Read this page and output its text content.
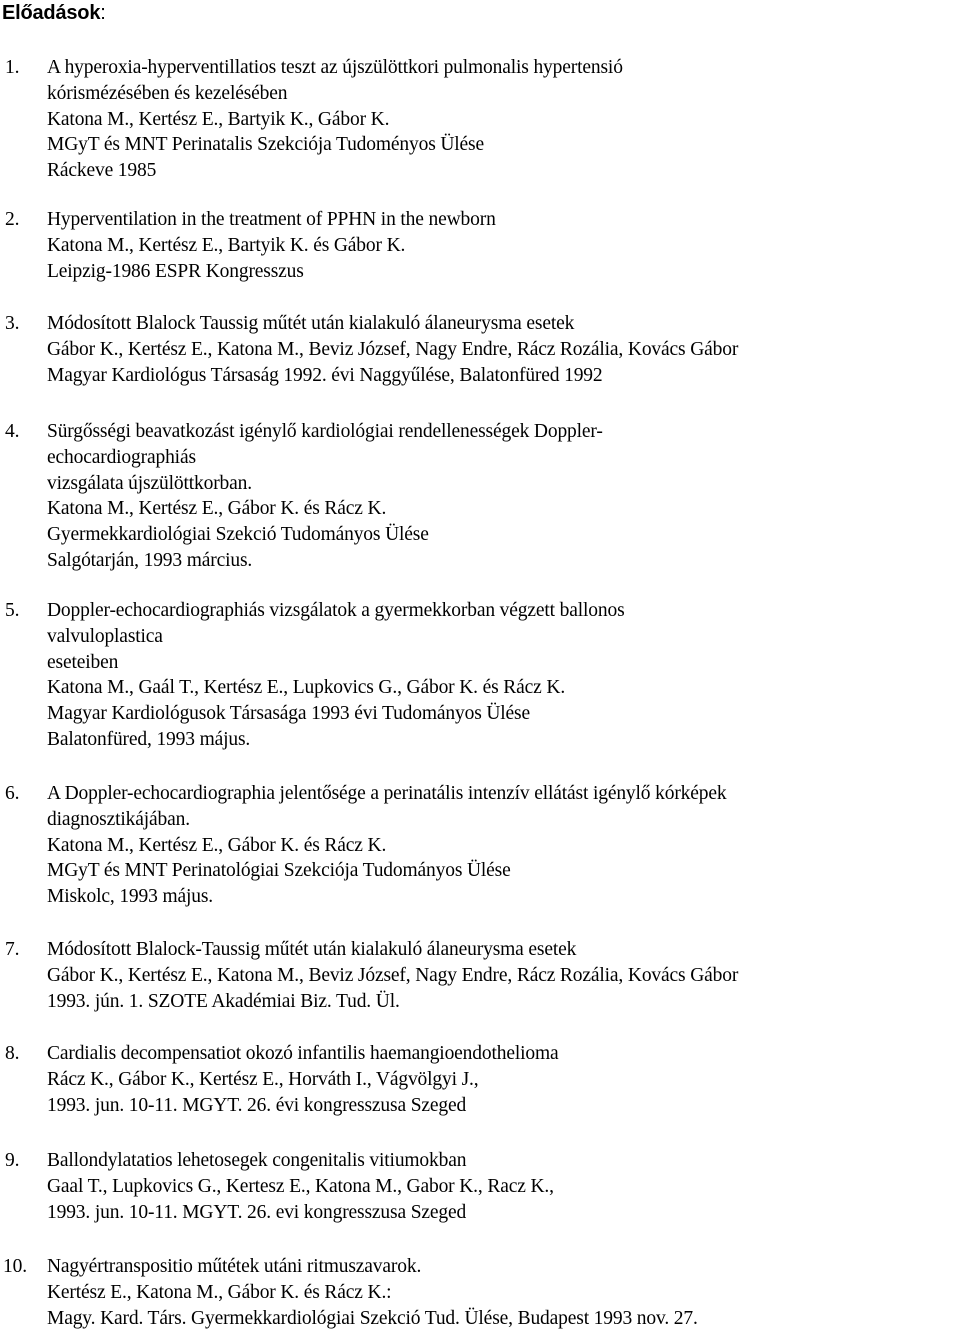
Előadások:
1. A hyperoxia-hyperventillatios teszt az újszülöttkori pulmonalis hypertensió
kórismézésében és kezelésében
Katona M., Kertész E., Bartyik K., Gábor K.
MGyT és MNT Perinatalis Szekciója Tudoményos Ülése
Ráckeve 1985
2. Hyperventilation in the treatment of PPHN in the newborn
Katona M., Kertész E., Bartyik K. és Gábor K.
Leipzig-1986 ESPR Kongresszus
3. Módosított Blalock Taussig műtét után kialakuló álaneurysma esetek
Gábor K., Kertész E., Katona M., Beviz József, Nagy Endre, Rácz Rozália, Kovács Gábor
Magyar Kardiológus Társaság 1992. évi Naggyűlése, Balatonfüred 1992
4. Sürgősségi beavatkozást igénylő kardiológiai rendellenességek Doppler-
echocardiographiás
vizsgálata újszülöttkorban.
Katona M., Kertész E., Gábor K. és Rácz K.
Gyermekkardiológiai Szekció Tudományos Ülése
Salgótarján, 1993 március.
5. Doppler-echocardiographiás vizsgálatok a gyermekkorban végzett ballonos
valvuloplastica
eseteiben
Katona M., Gaál T., Kertész E., Lupkovics G., Gábor K. és Rácz K.
Magyar Kardiológusok Társasága 1993 évi Tudományos Ülése
Balatonfüred, 1993 május.
6. A Doppler-echocardiographia jelentősége a perinatális intenzív ellátást igénylő kórképek
diagnosztikájában.
Katona M., Kertész E., Gábor K. és Rácz K.
MGyT és MNT Perinatológiai Szekciója Tudományos Ülése
Miskolc, 1993 május.
7. Módosított Blalock-Taussig műtét után kialakuló álaneurysma esetek
Gábor K., Kertész E., Katona M., Beviz József, Nagy Endre, Rácz Rozália, Kovács Gábor
1993. jún. 1. SZOTE Akadémiai Biz. Tud. Ül.
8. Cardialis decompensatiot okozó infantilis haemangioendothelioma
Rácz K., Gábor K., Kertész E., Horváth I., Vágvölgyi J.,
1993. jun. 10-11. MGYT. 26. évi kongresszusa Szeged
9. Ballondylatatios lehetosegek congenitalis vitiumokban
Gaal T., Lupkovics G., Kertesz E., Katona M., Gabor K., Racz K.,
1993. jun. 10-11. MGYT. 26. evi kongresszusa Szeged
10. Nagyértranspositio műtétek utáni ritmuszavarok.
Kertész E., Katona M., Gábor K. és Rácz K.:
Magy. Kard. Társ. Gyermekkardiológiai Szekció Tud. Ülése, Budapest 1993 nov. 27.
